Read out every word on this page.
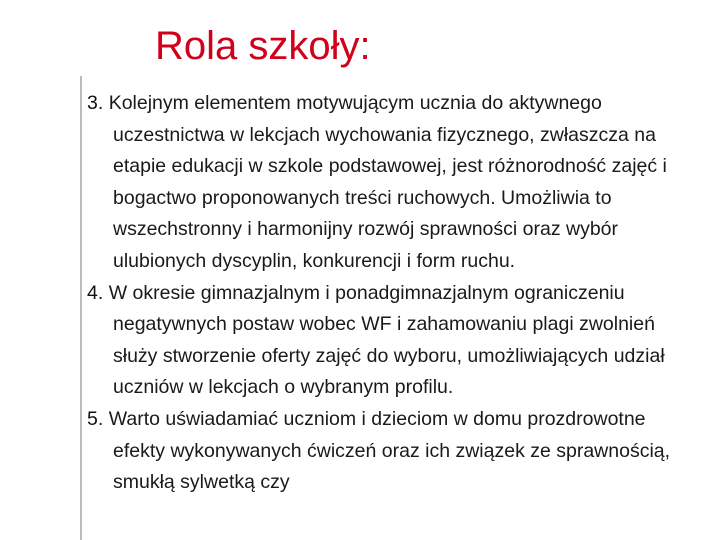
Rola szkoły:

3. Kolejnym elementem motywującym ucznia do aktywnego uczestnictwa w lekcjach wychowania fizycznego, zwłaszcza na etapie edukacji w szkole podstawowej, jest różnorodność zajęć i bogactwo proponowanych treści ruchowych. Umożliwia to wszechstronny i harmonijny rozwój sprawności oraz wybór ulubionych dyscyplin, konkurencji i form ruchu.

4. W okresie gimnazjalnym i ponadgimnazjalnym ograniczeniu negatywnych postaw wobec WF i zahamowaniu plagi zwolnień służy stworzenie oferty zajęć do wyboru, umożliwiających udział uczniów w lekcjach o wybranym profilu.

5. Warto uświadamiać uczniom i dzieciom w domu prozdrowotne efekty wykonywanych ćwiczeń oraz ich związek ze sprawnością, smukłą sylwetką czy
